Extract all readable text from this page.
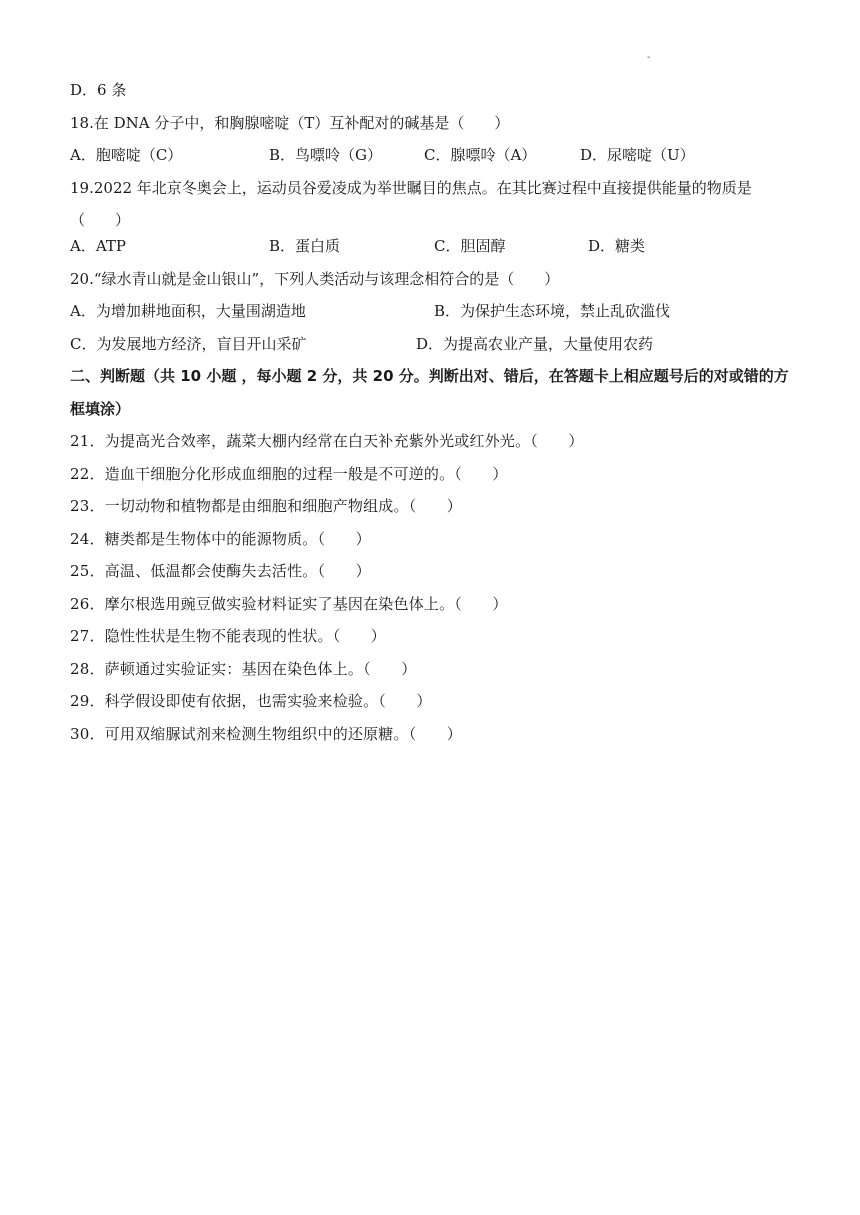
-
D．6 条
18.在 DNA 分子中，和胸腺嘧啶（T）互补配对的碱基是（　　）
A．胞嘧啶（C）	B．鸟嘌呤（G）	C．腺嘌呤（A）	D．尿嘧啶（U）
19.2022 年北京冬奥会上，运动员谷爱凌成为举世瞩目的焦点。在其比赛过程中直接提供能量的物质是（　　）
A．ATP	B．蛋白质	C．胆固醇	D．糖类
20.“绿水青山就是金山银山”，下列人类活动与该理念相符合的是（　　）
A．为增加耕地面积，大量围湖造地	B．为保护生态环境，禁止乱砍滥伐
C．为发展地方经济，盲目开山采矿	D．为提高农业产量，大量使用农药
二、判断题（共 10 小题 ，每小题 2 分，共 20 分。判断出对、错后，在答题卡上相应题号后的对或错的方框填涂）
21．为提高光合效率，蔬菜大棚内经常在白天补充紫外光或红外光。（　　）
22．造血干细胞分化形成血细胞的过程一般是不可逆的。（　　）
23．一切动物和植物都是由细胞和细胞产物组成。（　　）
24．糖类都是生物体中的能源物质。（　　）
25．高温、低温都会使酶失去活性。（　　）
26．摩尔根选用豌豆做实验材料证实了基因在染色体上。（　　）
27．隐性性状是生物不能表现的性状。（　　）
28．萨顿通过实验证实：基因在染色体上。（　　）
29．科学假设即使有依据，也需实验来检验。（　　）
30．可用双缩脲试剂来检测生物组织中的还原糖。（　　）
